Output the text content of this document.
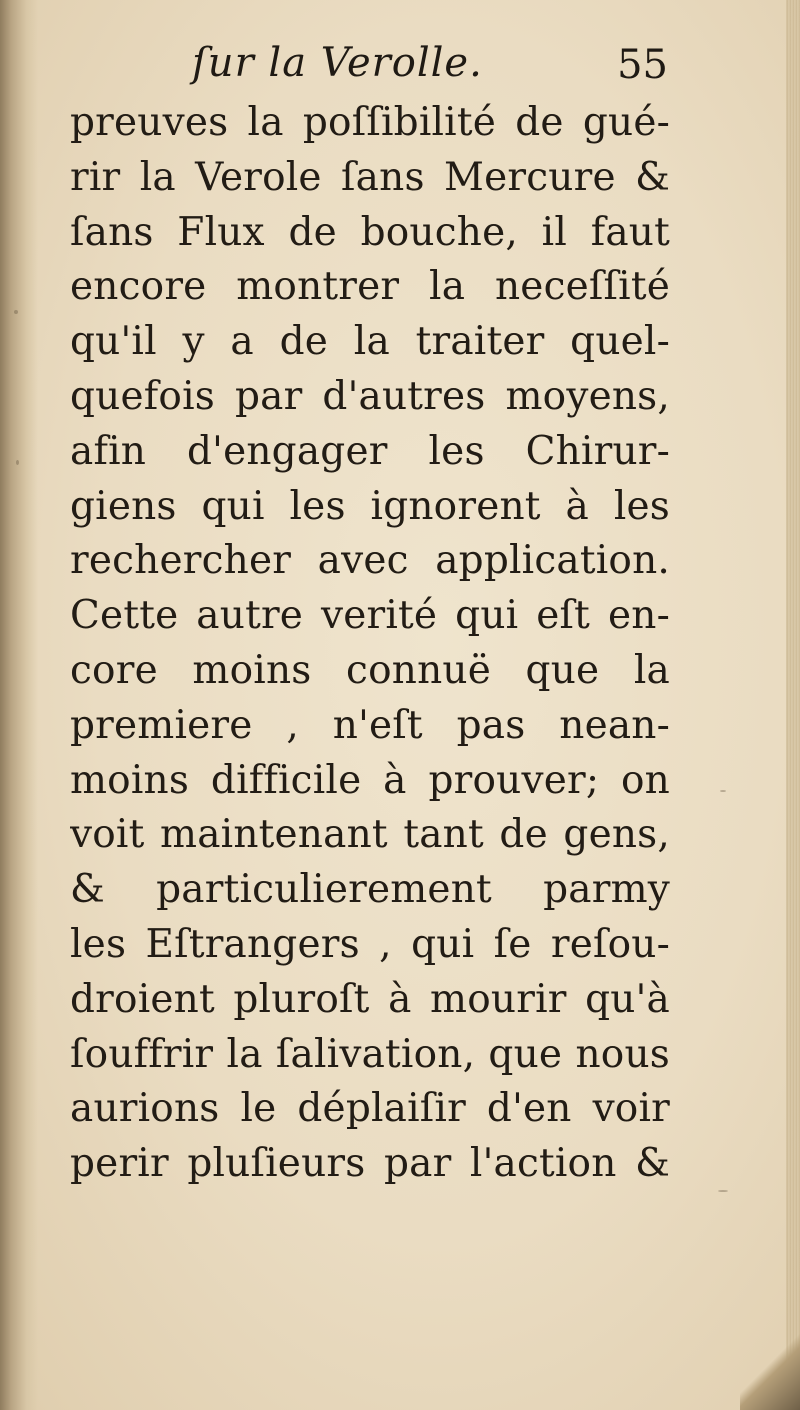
ſur la Verolle.	55
preuves la poſſibilité de gué-
rir la Verole ſans Mercure &
ſans Flux de bouche, il faut
encore montrer la neceſſité
qu'il y a de la traiter quel-
quefois par d'autres moyens,
afin d'engager les Chirur-
giens qui les ignorent à les
rechercher avec application.
Cette autre verité qui eſt en-
core moins connuë que la
premiere , n'eſt pas nean-
moins difficile à prouver; on
voit maintenant tant de gens,
& particulierement parmy
les Eſtrangers , qui ſe reſou-
droient pluroſt à mourir qu'à
ſouffrir la ſalivation, que nous
aurions le déplaiſir d'en voir
perir pluſieurs par l'action &
